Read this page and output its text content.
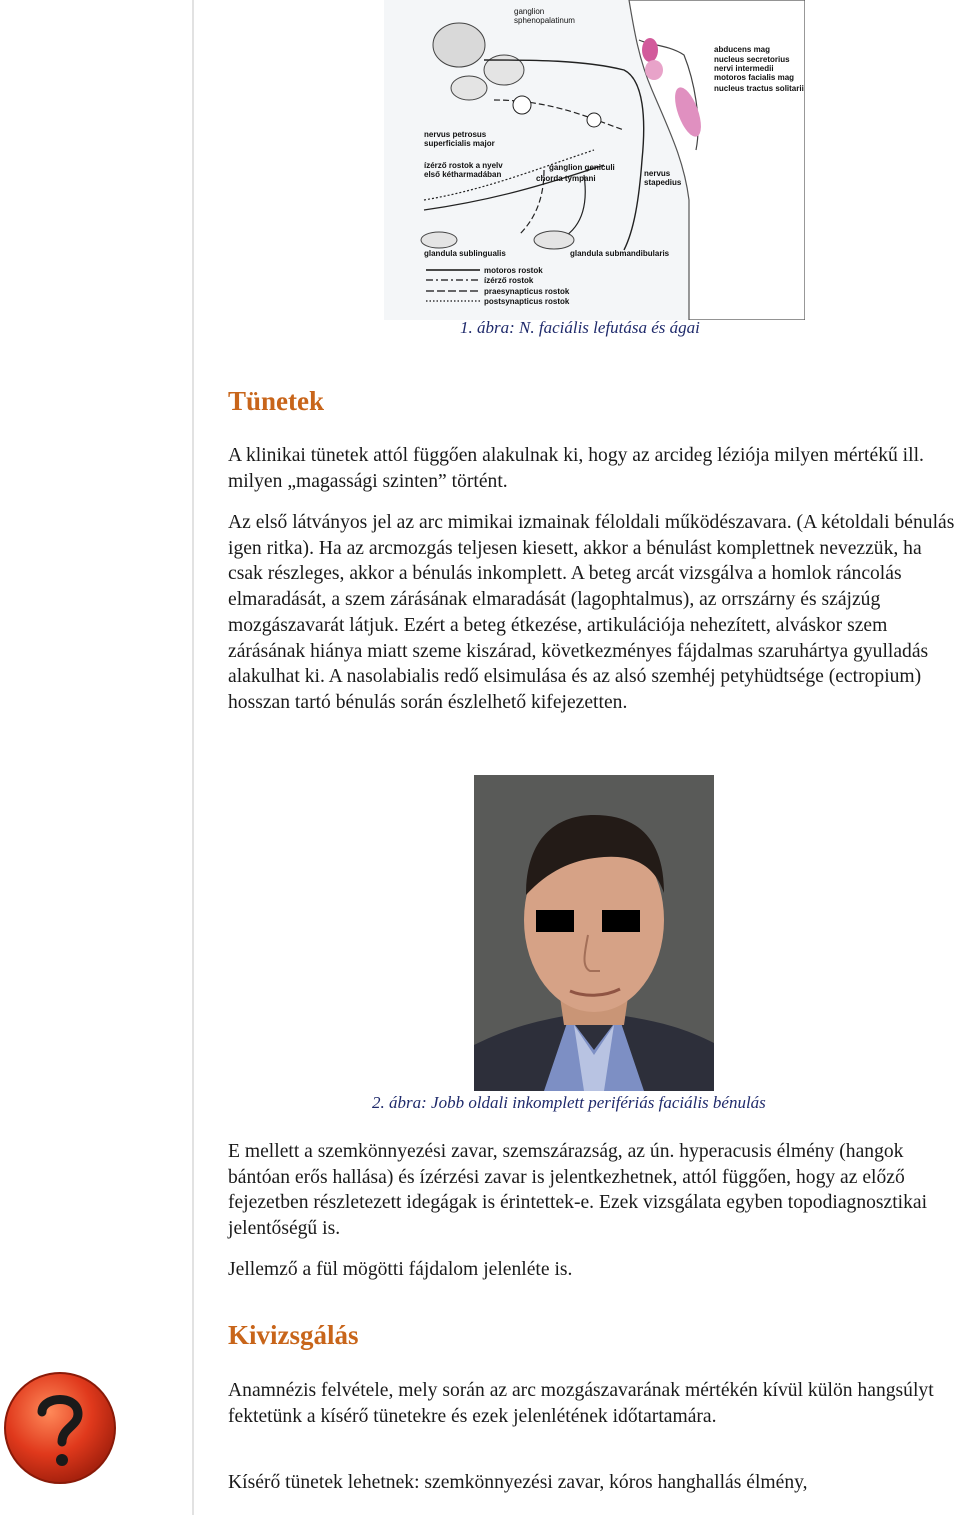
ganglion
sphenopalatinum
abducens mag
nucleus secretorius
nervi intermedii
motoros facialis mag
nucleus tractus solitarii
nervus petrosus
superficialis major
ízérző rostok a nyelv
első kétharmadában
ganglion geniculi
chorda tympani
nervus
stapedius
glandula sublingualis	glandula submandibularis
motoros rostok
ízérző rostok
praesynapticus rostok
postsynapticus rostok
1. ábra: N. faciális lefutása és ágai
Tünetek

A klinikai tünetek attól függően alakulnak ki, hogy az arcideg léziója milyen mértékű ill. milyen „magassági szinten” történt.

Az első látványos jel az arc mimikai izmainak féloldali működészavara. (A kétoldali bénulás igen ritka). Ha az arcmozgás teljesen kiesett, akkor a bénulást komplettnek nevezzük, ha csak részleges, akkor a bénulás inkomplett. A beteg arcát vizsgálva a homlok ráncolás elmaradását, a szem zárásának elmaradását (lagophtalmus), az orrszárny és szájzúg mozgászavarát látjuk. Ezért a beteg étkezése, artikulációja nehezített, alváskor szem zárásának hiánya miatt szeme kiszárad, következményes fájdalmas szaruhártya gyulladás alakulhat ki. A nasolabialis redő elsimulása és az alsó szemhéj petyhüdtsége (ectropium) hosszan tartó bénulás során észlelhető kifejezetten.

2. ábra: Jobb oldali inkomplett perifériás faciális bénulás

E mellett a szemkönnyezési zavar, szemszárazság, az ún. hyperacusis élmény (hangok bántóan erős hallása) és ízérzési zavar is jelentkezhetnek, attól függően, hogy az előző fejezetben részletezett idegágak is érintettek-e. Ezek vizsgálata egyben topodiagnosztikai jelentőségű is.

Jellemző a fül mögötti fájdalom jelenléte is.

Kivizsgálás

Anamnézis felvétele, mely során az arc mozgászavarának mértékén kívül külön hangsúlyt fektetünk a kísérő tünetekre és ezek jelenlétének időtartamára.

Kísérő tünetek lehetnek: szemkönnyezési zavar, kóros hanghallás élmény,
